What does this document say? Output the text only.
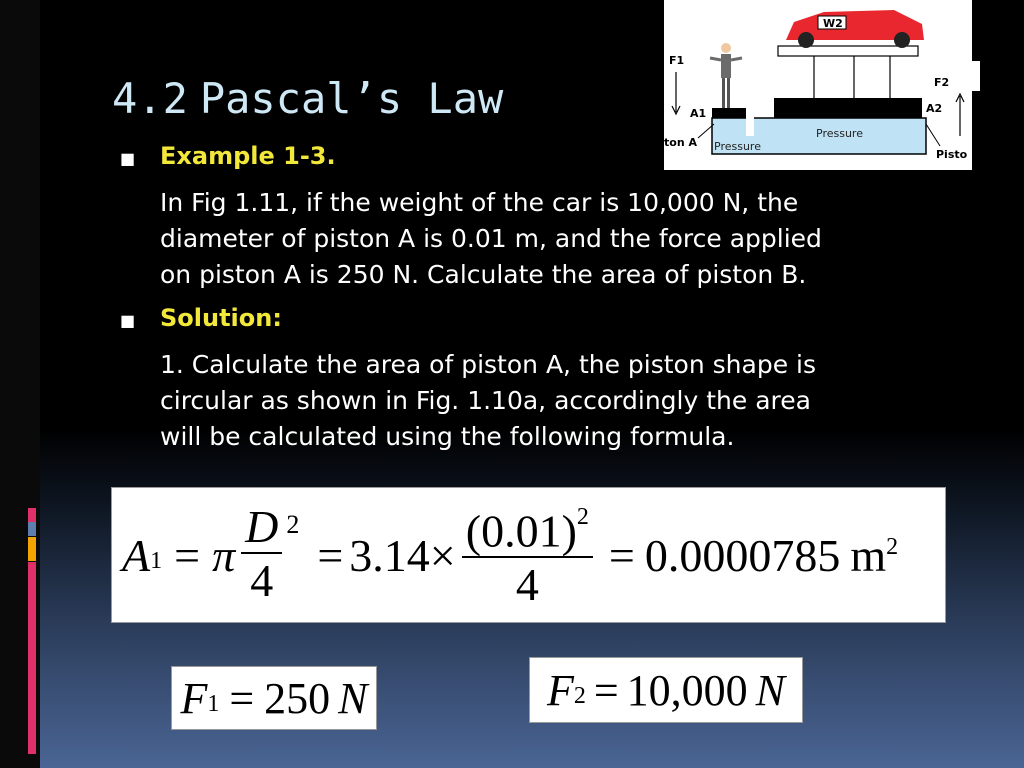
4.2 Pascal’s Law
■	Example 1-3.

In Fig 1.11, if the weight of the car is 10,000 N, the
diameter of piston A is 0.01 m, and the force applied
on piston A is 250 N. Calculate the area of piston B.

■	Solution:

1. Calculate the area of piston A, the piston shape is
circular as shown in Fig. 1.10a, accordingly the area
will be calculated using the following formula.

$A_1 = \pi \frac{D}{4} 2$
= $3.14 \times \frac{(0.01)^2}{4} = 0.0000785$ $m^2$
$F_1 = 250$ N	$F_2 = 10,000$ N
W2
F1
A1
F2
A2
Pressure
Pressure
ton A
Pisto
